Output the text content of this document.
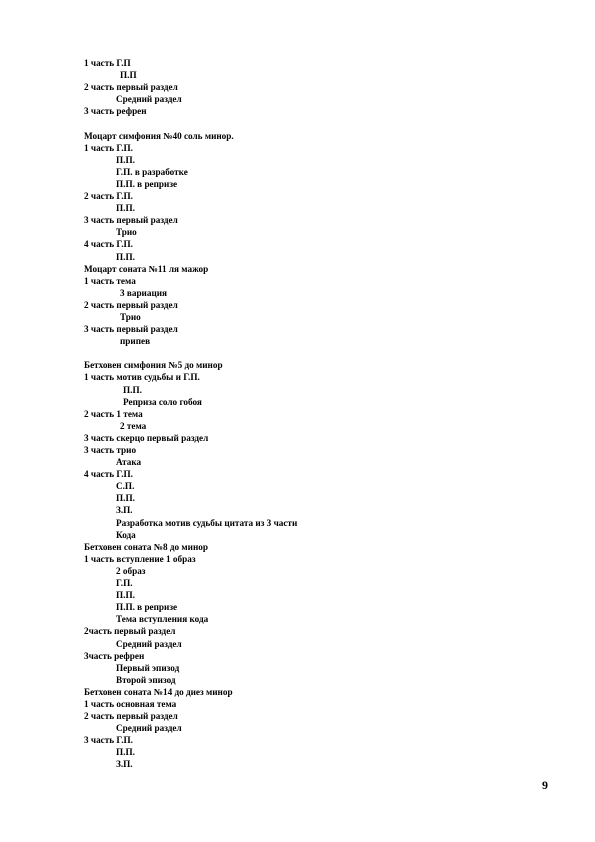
1 часть Г.П
П.П
2 часть первый раздел
Средний раздел
3 часть рефрен
Моцарт симфония №40 соль минор.
1 часть Г.П.
П.П.
Г.П. в разработке
П.П. в репризе
2 часть Г.П.
П.П.
3 часть первый раздел
Трио
4 часть Г.П.
П.П.
Моцарт соната №11 ля мажор
1 часть тема
3 вариация
2 часть первый раздел
Трио
3 часть первый раздел
припев
Бетховен симфония №5 до минор
1 часть мотив судьбы и Г.П.
П.П.
Реприза соло гобоя
2 часть 1 тема
2 тема
3 часть скерцо первый раздел
3 часть трио
Атака
4 часть Г.П.
С.П.
П.П.
З.П.
Разработка мотив судьбы цитата из 3 части
Кода
Бетховен соната №8 до минор
1 часть вступление 1 образ
2 образ
Г.П.
П.П.
П.П. в репризе
Тема вступления кода
2часть первый раздел
Средний раздел
3часть рефрен
Первый эпизод
Второй эпизод
Бетховен соната №14 до диез минор
1 часть основная тема
2 часть первый раздел
Средний раздел
3 часть Г.П.
П.П.
З.П.
9
